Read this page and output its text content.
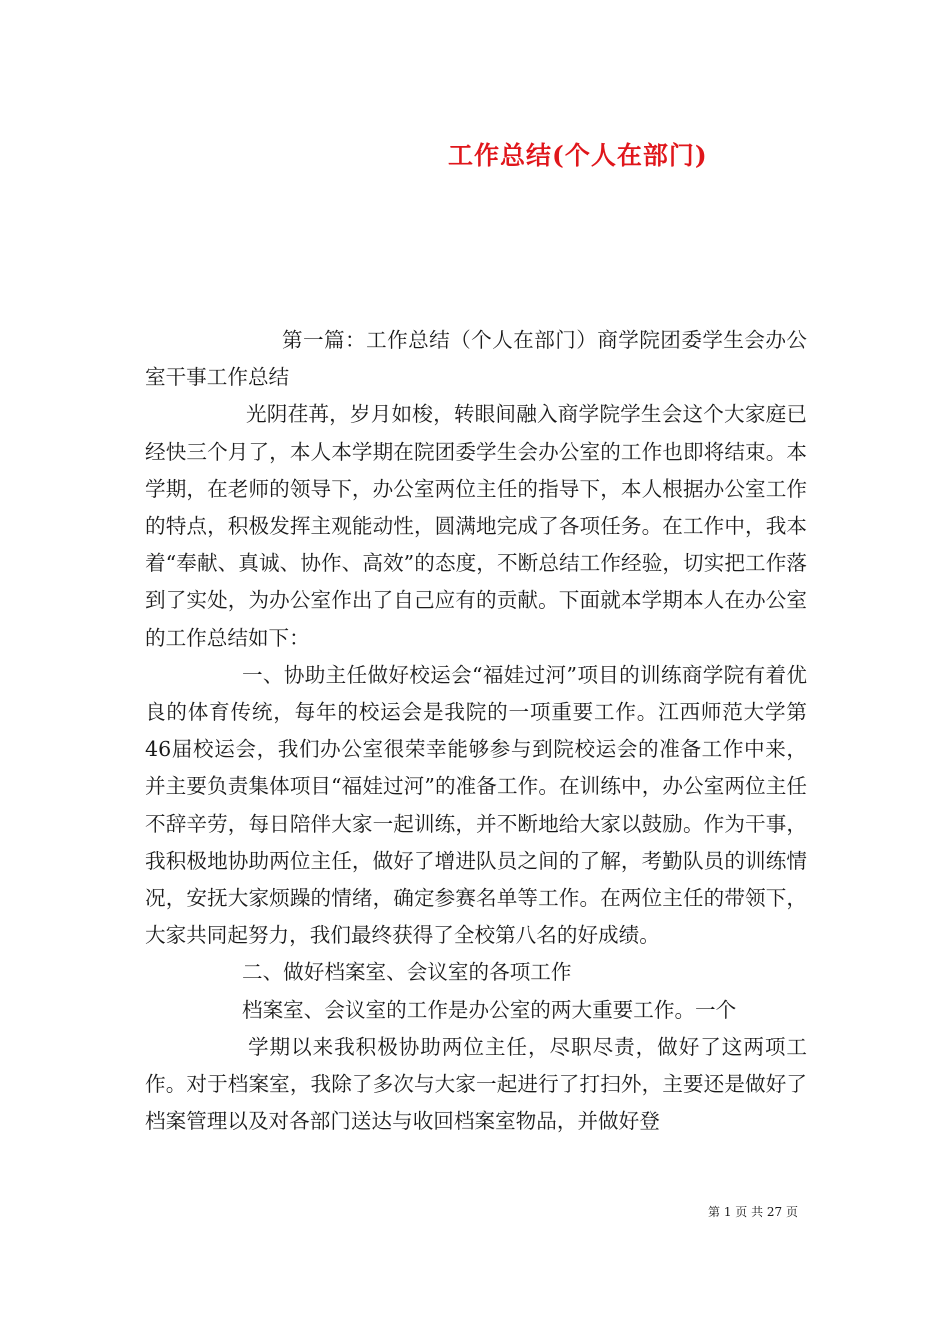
工作总结(个人在部门)

第一篇：工作总结（个人在部门）商学院团委学生会办公室干事工作总结

光阴荏苒，岁月如梭，转眼间融入商学院学生会这个大家庭已经快三个月了，本人本学期在院团委学生会办公室的工作也即将结束。本学期，在老师的领导下，办公室两位主任的指导下，本人根据办公室工作的特点，积极发挥主观能动性，圆满地完成了各项任务。在工作中，我本着“奉献、真诚、协作、高效”的态度，不断总结工作经验，切实把工作落到了实处，为办公室作出了自己应有的贡献。下面就本学期本人在办公室的工作总结如下：

一、协助主任做好校运会“福娃过河”项目的训练商学院有着优良的体育传统，每年的校运会是我院的一项重要工作。江西师范大学第46届校运会，我们办公室很荣幸能够参与到院校运会的准备工作中来，并主要负责集体项目“福娃过河”的准备工作。在训练中，办公室两位主任不辞辛劳，每日陪伴大家一起训练，并不断地给大家以鼓励。作为干事，我积极地协助两位主任，做好了增进队员之间的了解，考勤队员的训练情况，安抚大家烦躁的情绪，确定参赛名单等工作。在两位主任的带领下，大家共同起努力，我们最终获得了全校第八名的好成绩。

二、做好档案室、会议室的各项工作

档案室、会议室的工作是办公室的两大重要工作。一个

学期以来我积极协助两位主任，尽职尽责，做好了这两项工作。对于档案室，我除了多次与大家一起进行了打扫外，主要还是做好了档案管理以及对各部门送达与收回档案室物品，并做好登

第 1 页 共 27 页
